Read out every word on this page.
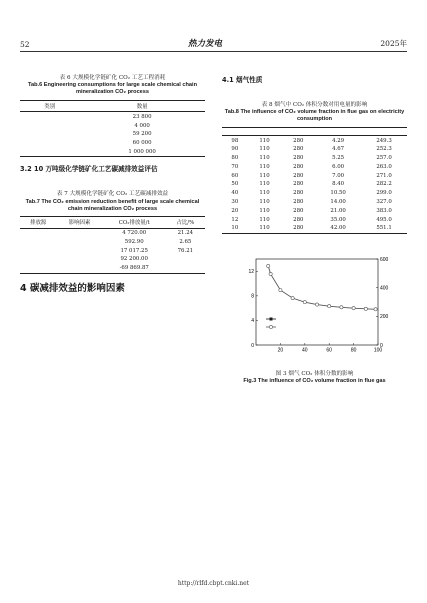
52	热力发电	2025年

表 6 大规模化学链矿化 CO₂ 工艺工程消耗
Tab.6 Engineering consumptions for large scale chemical chain mineralization CO₂ process
类别	数量
	23 800
	4 000
	59 200
	60 000
	1 000 000
3.2 10 万吨级化学链矿化工艺碳减排效益评估

表 7 大规模化学链矿化 CO₂ 工艺碳减排效益
Tab.7 The CO₂ emission reduction benefit of large scale chemical chain mineralization CO₂ process
排放源	影响因素	CO₂排放量/t	占比/%
		4 720.00	21.24
		592.90	2.65
		17 017.25	76.21
		92 200.00	
		-69 869.87	
4 碳减排效益的影响因素

4.1 烟气性质

表 8 烟气中 CO₂ 体积分数对用电量的影响
Tab.8 The influence of CO₂ volume fraction in flue gas on electricity consumption

98	110	280	4.29	249.3
90	110	280	4.67	252.3
80	110	280	5.25	257.0
70	110	280	6.00	263.0
60	110	280	7.00	271.0
50	110	280	8.40	282.2
40	110	280	10.50	299.0
30	110	280	14.00	327.0
20	110	280	21.00	383.0
12	110	280	35.00	495.0
10	110	280	42.00	551.1

20	40	60	80	100
0
4
8
12
0
200
400
600
图 3 烟气 CO₂ 体积分数的影响
Fig.3 The influence of CO₂ volume fraction in flue gas
http://rlfd.cbpt.cnki.net
